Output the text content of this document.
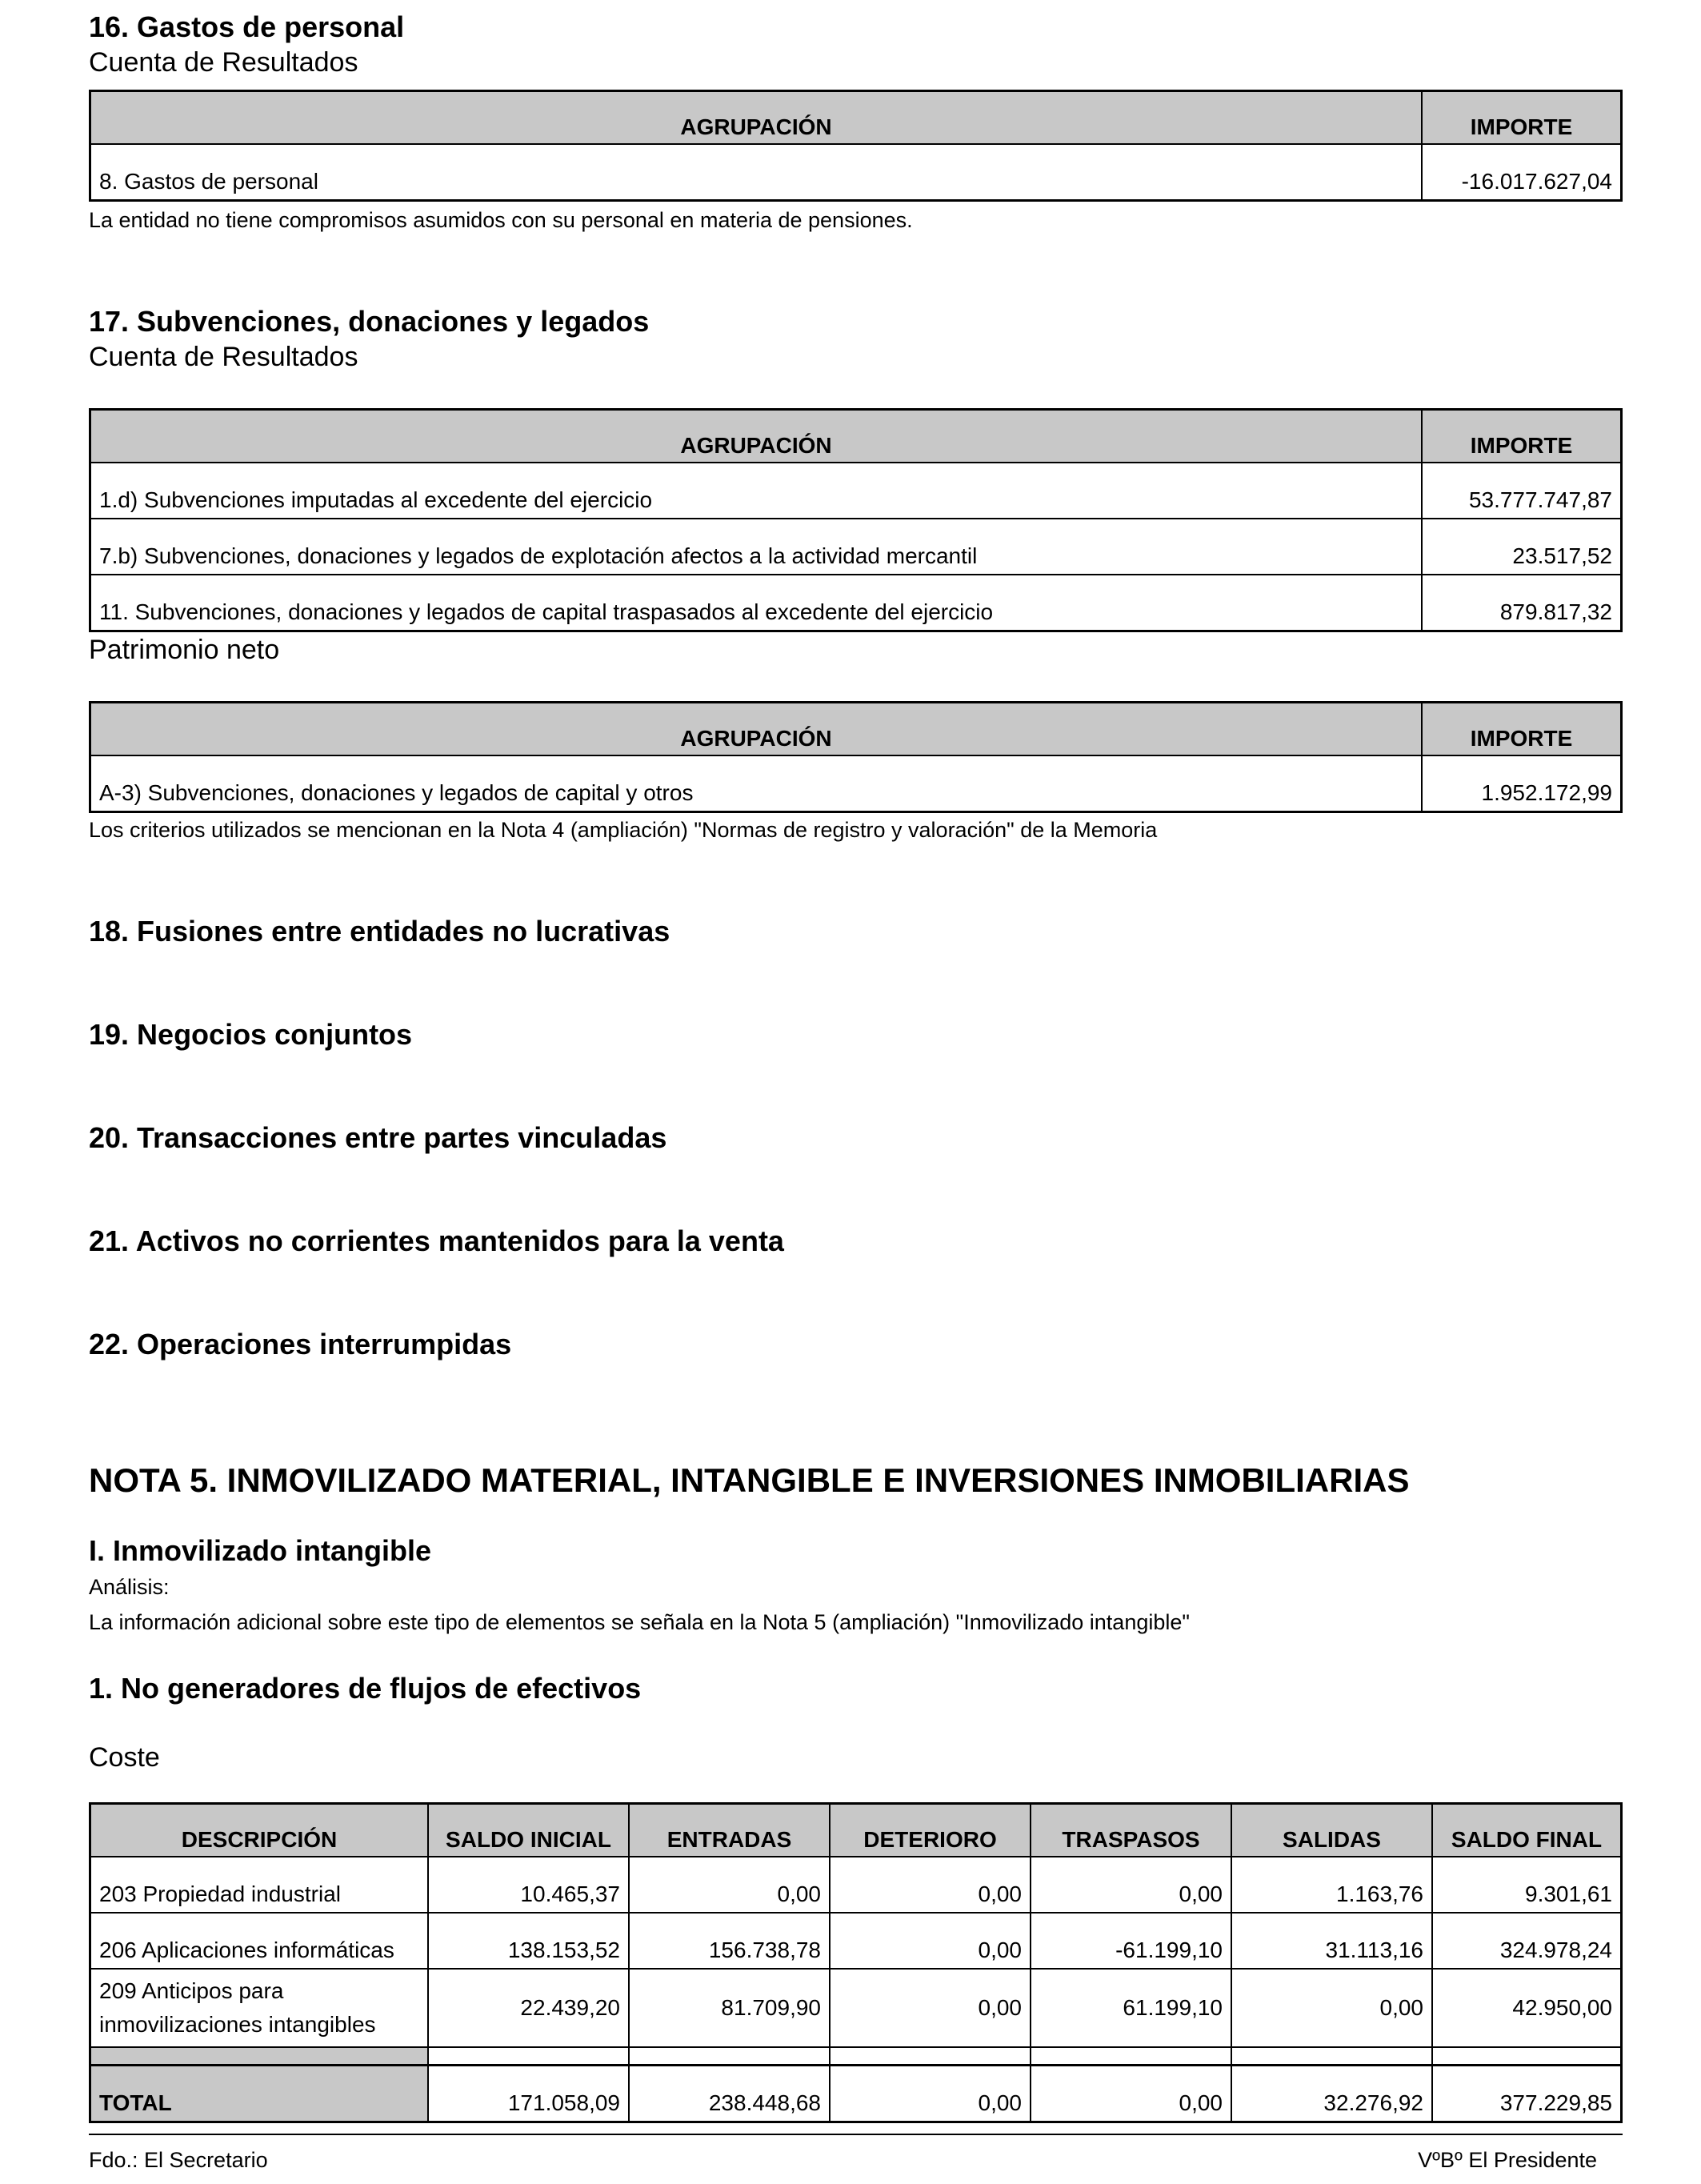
16. Gastos de personal
Cuenta de Resultados
AGRUPACIÓN	IMPORTE
8. Gastos de personal	-16.017.627,04
La entidad no tiene compromisos asumidos con su personal en materia de pensiones.
17. Subvenciones, donaciones y legados
Cuenta de Resultados
AGRUPACIÓN	IMPORTE
1.d) Subvenciones imputadas al excedente del ejercicio	53.777.747,87
7.b) Subvenciones, donaciones y legados de explotación afectos a la actividad mercantil	23.517,52
11. Subvenciones, donaciones y legados de capital traspasados al excedente del ejercicio	879.817,32
Patrimonio neto
AGRUPACIÓN	IMPORTE
A-3) Subvenciones, donaciones y legados de capital y otros	1.952.172,99
Los criterios utilizados se mencionan en la Nota 4 (ampliación) "Normas de registro y valoración" de la Memoria
18. Fusiones entre entidades no lucrativas
19. Negocios conjuntos
20. Transacciones entre partes vinculadas
21. Activos no corrientes mantenidos para la venta
22. Operaciones interrumpidas
NOTA 5. INMOVILIZADO MATERIAL, INTANGIBLE E INVERSIONES INMOBILIARIAS
I. Inmovilizado intangible
Análisis:
La información adicional sobre este tipo de elementos se señala en la Nota 5 (ampliación) "Inmovilizado intangible"
1. No generadores de flujos de efectivos
Coste
DESCRIPCIÓN	SALDO INICIAL	ENTRADAS	DETERIORO	TRASPASOS	SALIDAS	SALDO FINAL
203 Propiedad industrial	10.465,37	0,00	0,00	0,00	1.163,76	9.301,61
206 Aplicaciones informáticas	138.153,52	156.738,78	0,00	-61.199,10	31.113,16	324.978,24
209 Anticipos para inmovilizaciones intangibles	22.439,20	81.709,90	0,00	61.199,10	0,00	42.950,00

TOTAL	171.058,09	238.448,68	0,00	0,00	32.276,92	377.229,85
Fdo.: El Secretario	VºBº El Presidente
